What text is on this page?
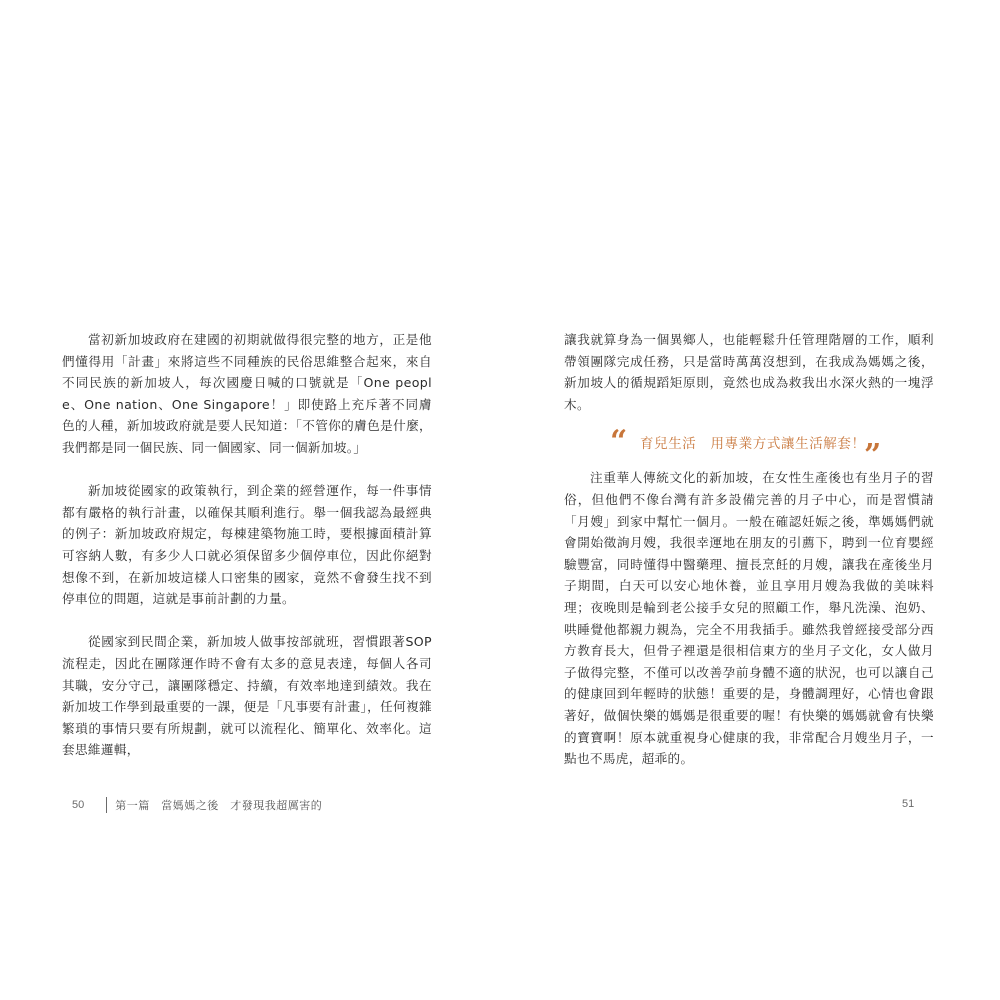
當初新加坡政府在建國的初期就做得很完整的地方，正是他們懂得用「計畫」來將這些不同種族的民俗思維整合起來，來自不同民族的新加坡人，每次國慶日喊的口號就是「One people、One nation、One Singapore！」即使路上充斥著不同膚色的人種，新加坡政府就是要人民知道：「不管你的膚色是什麼，我們都是同一個民族、同一個國家、同一個新加坡。」

新加坡從國家的政策執行，到企業的經營運作，每一件事情都有嚴格的執行計畫，以確保其順利進行。舉一個我認為最經典的例子：新加坡政府規定，每棟建築物施工時，要根據面積計算可容納人數，有多少人口就必須保留多少個停車位，因此你絕對想像不到，在新加坡這樣人口密集的國家，竟然不會發生找不到停車位的問題，這就是事前計劃的力量。

從國家到民間企業，新加坡人做事按部就班，習慣跟著SOP流程走，因此在團隊運作時不會有太多的意見表達，每個人各司其職，安分守己，讓團隊穩定、持續，有效率地達到績效。我在新加坡工作學到最重要的一課，便是「凡事要有計畫」，任何複雜繁瑣的事情只要有所規劃，就可以流程化、簡單化、效率化。這套思維邏輯，

50	第一篇　當媽媽之後　才發現我超厲害的

讓我就算身為一個異鄉人，也能輕鬆升任管理階層的工作，順利帶領團隊完成任務，只是當時萬萬沒想到，在我成為媽媽之後，新加坡人的循規蹈矩原則，竟然也成為救我出水深火熱的一塊浮木。

“ 育兒生活　用專業方式讓生活解套！
”

注重華人傳統文化的新加坡，在女性生產後也有坐月子的習俗，但他們不像台灣有許多設備完善的月子中心，而是習慣請「月嫂」到家中幫忙一個月。一般在確認妊娠之後，準媽媽們就會開始徵詢月嫂，我很幸運地在朋友的引薦下，聘到一位育嬰經驗豐富，同時懂得中醫藥理、擅長烹飪的月嫂，讓我在產後坐月子期間，白天可以安心地休養，並且享用月嫂為我做的美味料理；夜晚則是輪到老公接手女兒的照顧工作，舉凡洗澡、泡奶、哄睡覺他都親力親為，完全不用我插手。雖然我曾經接受部分西方教育長大，但骨子裡還是很相信東方的坐月子文化，女人做月子做得完整，不僅可以改善孕前身體不適的狀況，也可以讓自己的健康回到年輕時的狀態！重要的是，身體調理好，心情也會跟著好，做個快樂的媽媽是很重要的喔！有快樂的媽媽就會有快樂的寶寶啊！原本就重視身心健康的我，非常配合月嫂坐月子，一點也不馬虎，超乖的。

51
